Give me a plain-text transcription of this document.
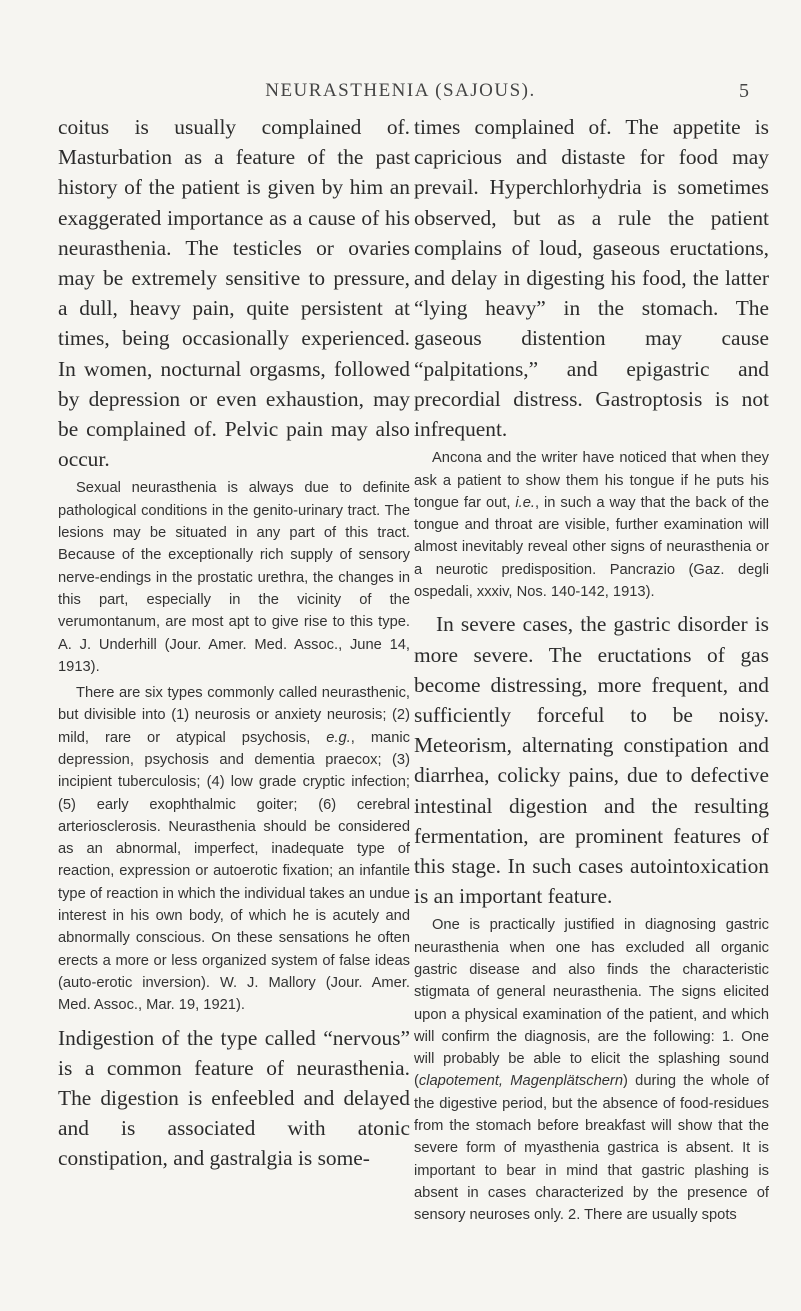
NEURASTHENIA (SAJOUS).	5

coitus is usually complained of. Masturbation as a feature of the past history of the patient is given by him an exaggerated importance as a cause of his neurasthenia. The testicles or ovaries may be extremely sensitive to pressure, a dull, heavy pain, quite persistent at times, being occasionally experienced. In women, nocturnal orgasms, followed by depression or even exhaustion, may be complained of. Pelvic pain may also occur.

Sexual neurasthenia is always due to definite pathological conditions in the genito-urinary tract. The lesions may be situated in any part of this tract. Because of the exceptionally rich supply of sensory nerve-endings in the prostatic urethra, the changes in this part, especially in the vicinity of the verumontanum, are most apt to give rise to this type. A. J. Underhill (Jour. Amer. Med. Assoc., June 14, 1913).

There are six types commonly called neurasthenic, but divisible into (1) neurosis or anxiety neurosis; (2) mild, rare or atypical psychosis, e.g., manic depression, psychosis and dementia praecox; (3) incipient tuberculosis; (4) low grade cryptic infection; (5) early exophthalmic goiter; (6) cerebral arteriosclerosis. Neurasthenia should be considered as an abnormal, imperfect, inadequate type of reaction, expression or autoerotic fixation; an infantile type of reaction in which the individual takes an undue interest in his own body, of which he is acutely and abnormally conscious. On these sensations he often erects a more or less organized system of false ideas (auto-erotic inversion). W. J. Mallory (Jour. Amer. Med. Assoc., Mar. 19, 1921).

Indigestion of the type called “nervous” is a common feature of neurasthenia. The digestion is enfeebled and delayed and is associated with atonic constipation, and gastralgia is some-

times complained of. The appetite is capricious and distaste for food may prevail. Hyperchlorhydria is sometimes observed, but as a rule the patient complains of loud, gaseous eructations, and delay in digesting his food, the latter “lying heavy” in the stomach. The gaseous distention may cause “palpitations,” and epigastric and precordial distress. Gastroptosis is not infrequent.

Ancona and the writer have noticed that when they ask a patient to show them his tongue if he puts his tongue far out, i.e., in such a way that the back of the tongue and throat are visible, further examination will almost inevitably reveal other signs of neurasthenia or a neurotic predisposition. Pancrazio (Gaz. degli ospedali, xxxiv, Nos. 140-142, 1913).

In severe cases, the gastric disorder is more severe. The eructations of gas become distressing, more frequent, and sufficiently forceful to be noisy. Meteorism, alternating constipation and diarrhea, colicky pains, due to defective intestinal digestion and the resulting fermentation, are prominent features of this stage. In such cases autointoxication is an important feature.

One is practically justified in diagnosing gastric neurasthenia when one has excluded all organic gastric disease and also finds the characteristic stigmata of general neurasthenia. The signs elicited upon a physical examination of the patient, and which will confirm the diagnosis, are the following: 1. One will probably be able to elicit the splashing sound (clapotement, Magenplätschern) during the whole of the digestive period, but the absence of food-residues from the stomach before breakfast will show that the severe form of myasthenia gastrica is absent. It is important to bear in mind that gastric plashing is absent in cases characterized by the presence of sensory neuroses only. 2. There are usually spots
